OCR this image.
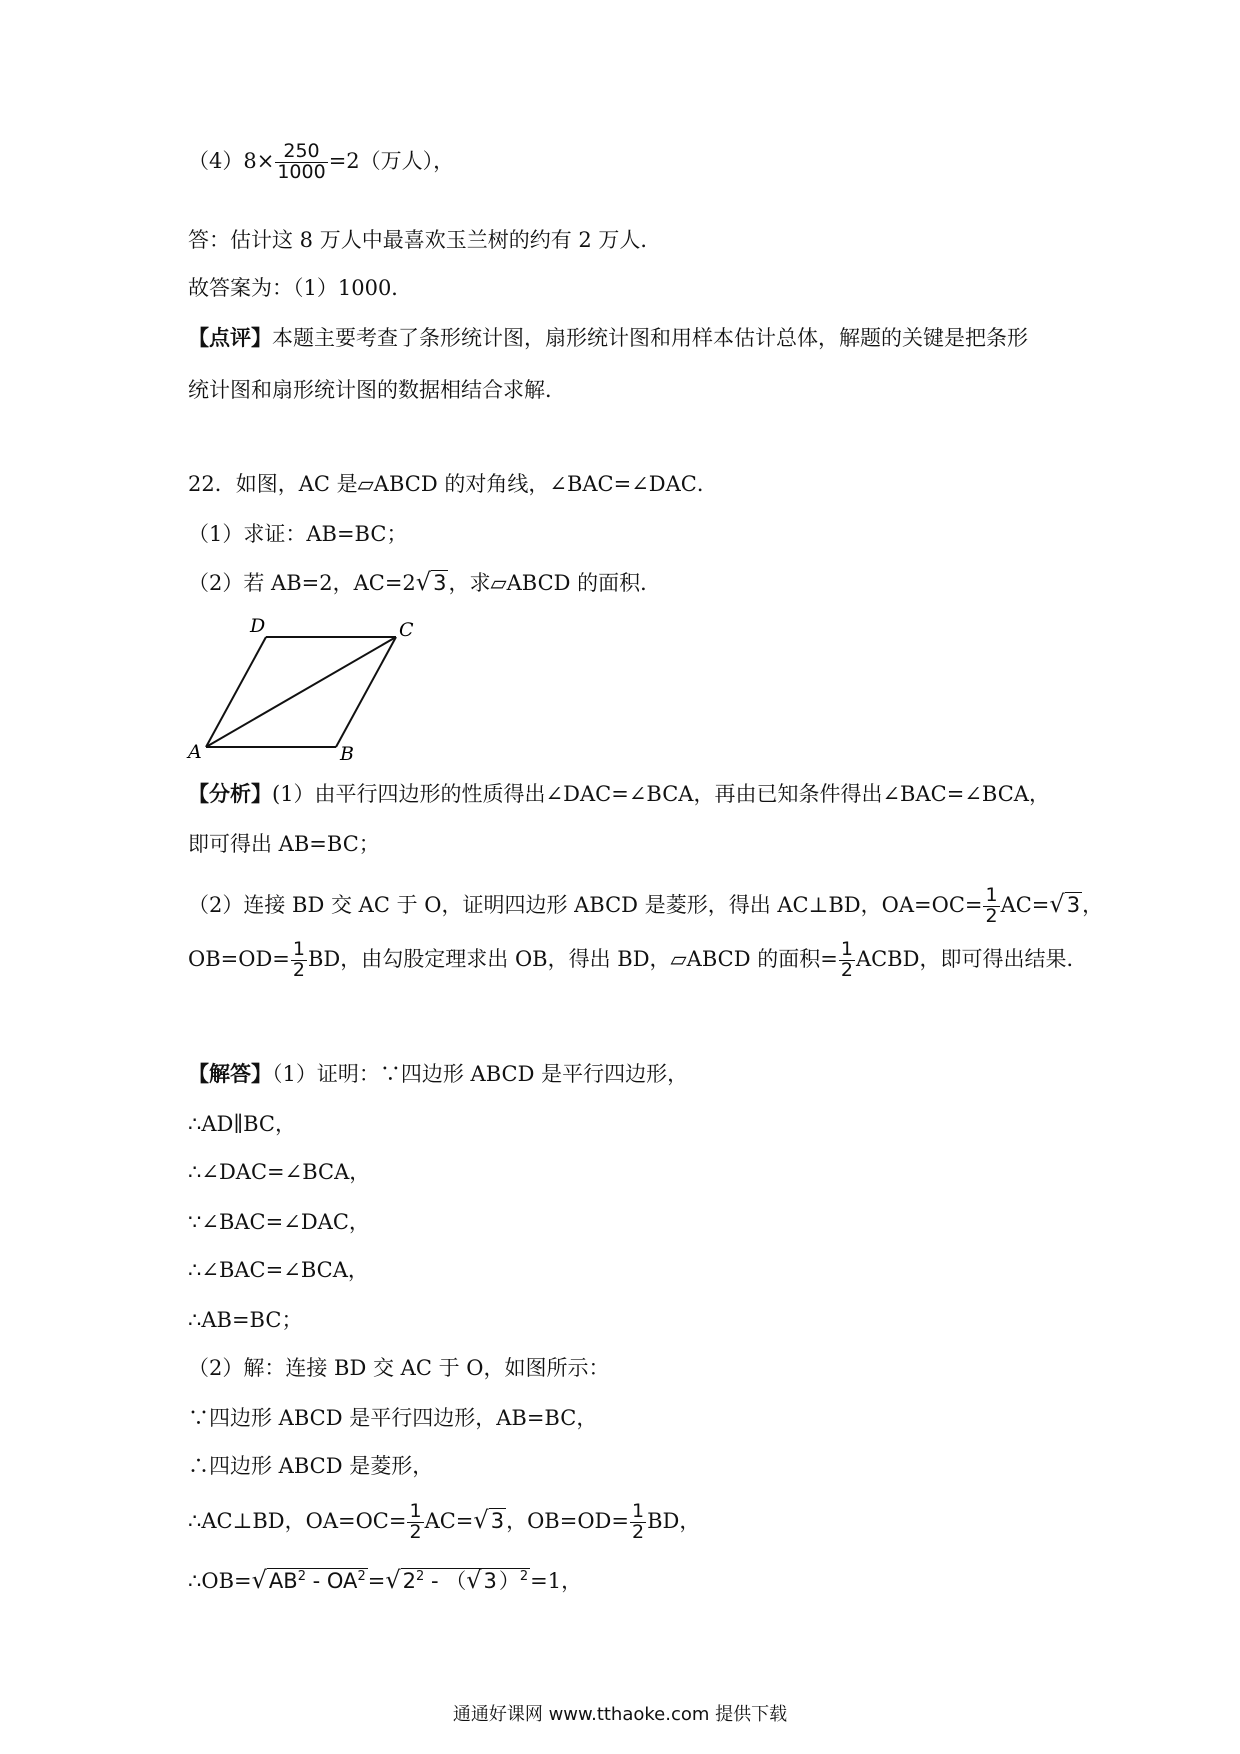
$(4)8\times \frac{250}{1000} =2$（万人），
答：估计这 8 万人中最喜欢玉兰树的约有 2 万人．
故答案为：（1）1000．
【点评】本题主要考查了条形统计图，扇形统计图和用样本估计总体，解题的关键是把条形
统计图和扇形统计图的数据相结合求解．
22．如图，AC 是▱ABCD 的对角线，∠BAC=∠DAC．
（1）求证：AB=BC；
（2）若 AB=2，AC=2√3，求▱ABCD 的面积．
A	B
C
D
【分析】(1）由平行四边形的性质得出∠DAC=∠BCA，再由已知条件得出∠BAC=∠BCA，
即可得出 AB=BC；
（2）连接 BD 交 AC 于 O，证明四边形 ABCD 是菱形，得出 AC⊥BD，$OA=OC= \frac{1}{2} AC=√3$，
$OB=OD= \frac{1}{2}$ BD，由勾股定理求出 OB，得出 BD，▱ABCD 的面积= $\frac{1}{2}$ ACBD，即可得出结果．
【解答】（1）证明：∵四边形 ABCD 是平行四边形，
∴AD∥BC，
∴∠DAC=∠BCA，
∵∠BAC=∠DAC，
∴∠BAC=∠BCA，
∴AB=BC；
（2）解：连接 BD 交 AC 于 O，如图所示：
∵四边形 ABCD 是平行四边形，AB=BC，
∴四边形 ABCD 是菱形，
∴AC⊥BD，$OA=OC= \frac{1}{2} AC=√3$，$OB=OD= \frac{1}{2}$ BD，
$\therefore OB=√AB^2 - OA^2=√2^2 - (√3)^2=1$，
通通好课网 www.tthaoke.com 提供下载
